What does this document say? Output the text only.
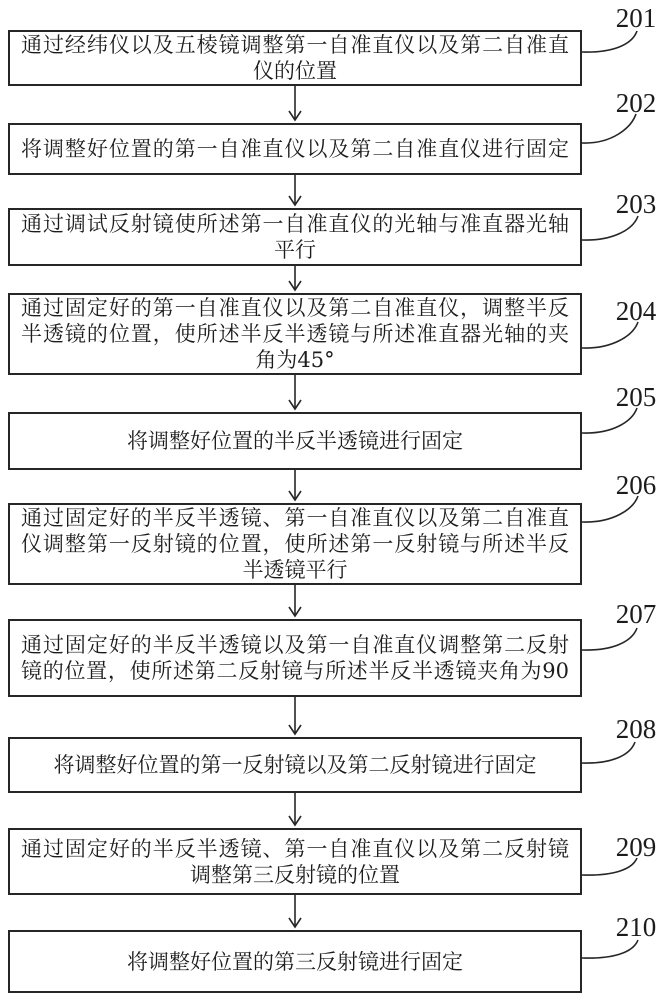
通过经纬仪以及五棱镜调整第一自准直仪以及第二自准直
仪的位置
将调整好位置的第一自准直仪以及第二自准直仪进行固定
通过调试反射镜使所述第一自准直仪的光轴与准直器光轴
平行
通过固定好的第一自准直仪以及第二自准直仪，调整半反
半透镜的位置，使所述半反半透镜与所述准直器光轴的夹
角为45°
将调整好位置的半反半透镜进行固定
通过固定好的半反半透镜、第一自准直仪以及第二自准直
仪调整第一反射镜的位置，使所述第一反射镜与所述半反
半透镜平行
通过固定好的半反半透镜以及第一自准直仪调整第二反射
镜的位置，使所述第二反射镜与所述半反半透镜夹角为90
将调整好位置的第一反射镜以及第二反射镜进行固定
通过固定好的半反半透镜、第一自准直仪以及第二反射镜
调整第三反射镜的位置
将调整好位置的第三反射镜进行固定
201
202
203
204
205
206
207
208
209
210
